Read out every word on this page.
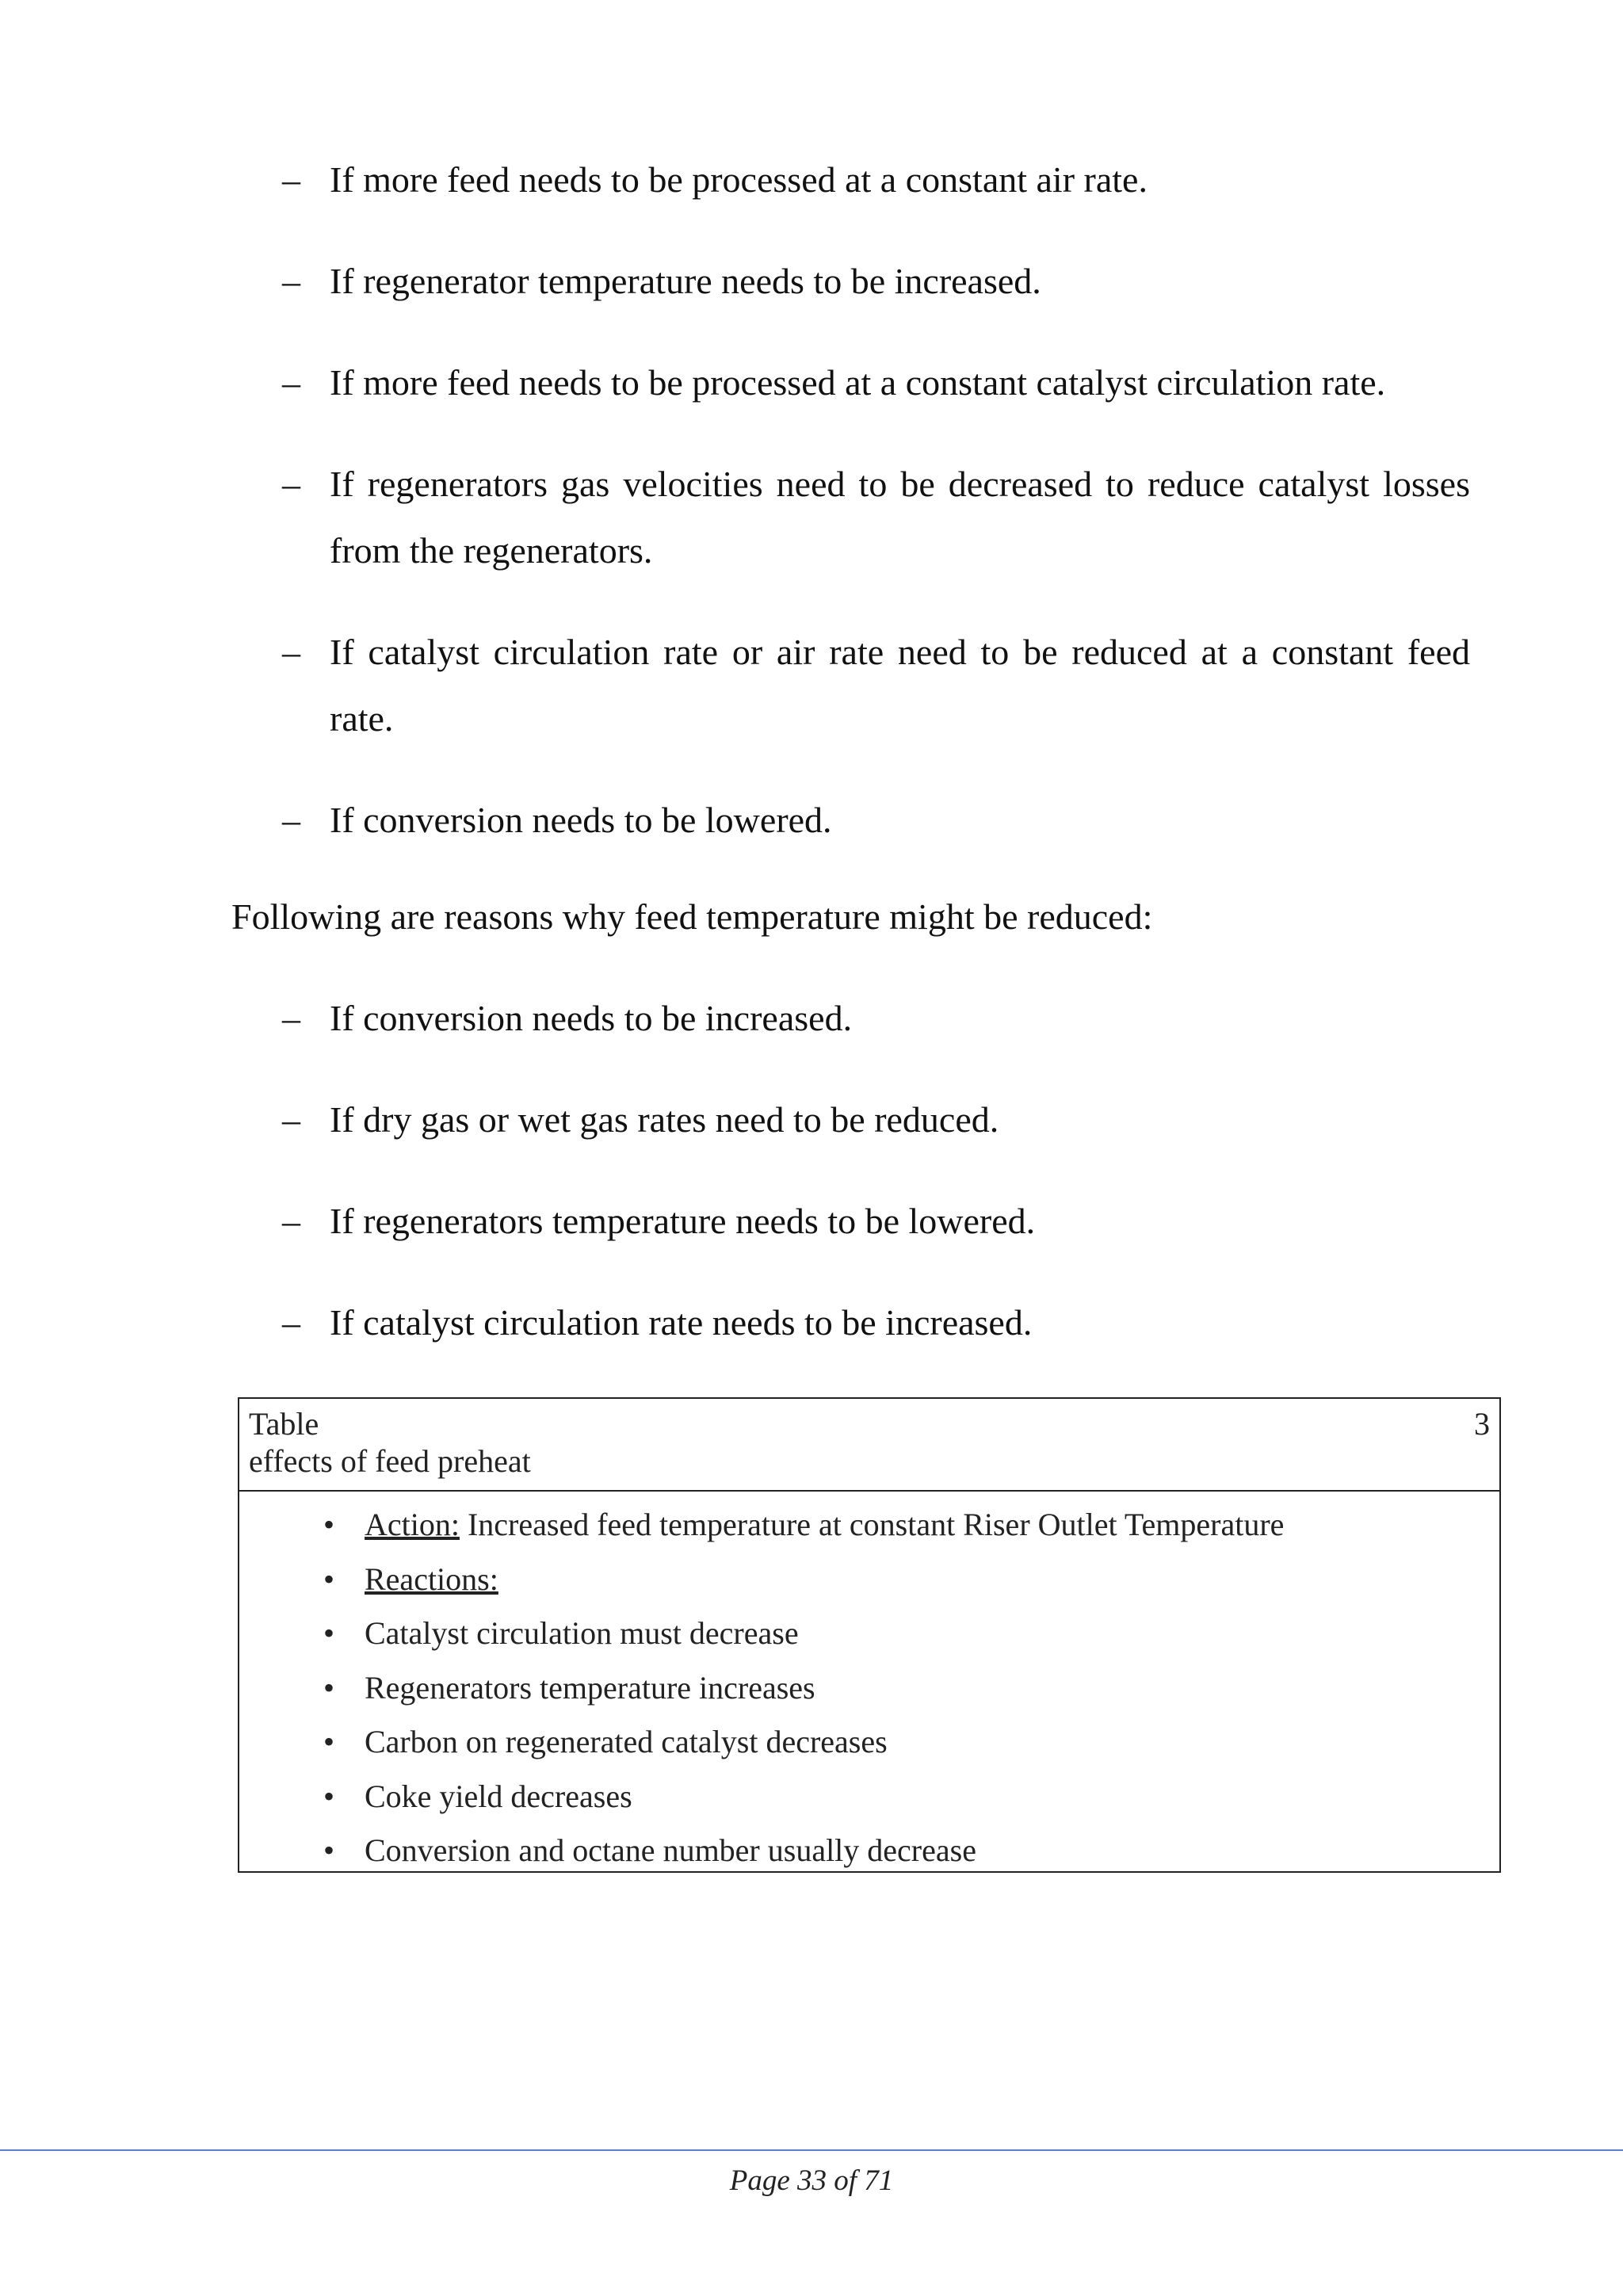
– If more feed needs to be processed at a constant air rate.
– If regenerator temperature needs to be increased.
– If more feed needs to be processed at a constant catalyst circulation rate.
– If regenerators gas velocities need to be decreased to reduce catalyst losses from the regenerators.
– If catalyst circulation rate or air rate need to be reduced at a constant feed rate.
– If conversion needs to be lowered.

Following are reasons why feed temperature might be reduced:

– If conversion needs to be increased.
– If dry gas or wet gas rates need to be reduced.
– If regenerators temperature needs to be lowered.
– If catalyst circulation rate needs to be increased.
Table
effects of feed preheat
3
• Action: Increased feed temperature at constant Riser Outlet Temperature
• Reactions:
• Catalyst circulation must decrease
• Regenerators temperature increases
• Carbon on regenerated catalyst decreases
• Coke yield decreases
• Conversion and octane number usually decrease
Page 33 of 71
